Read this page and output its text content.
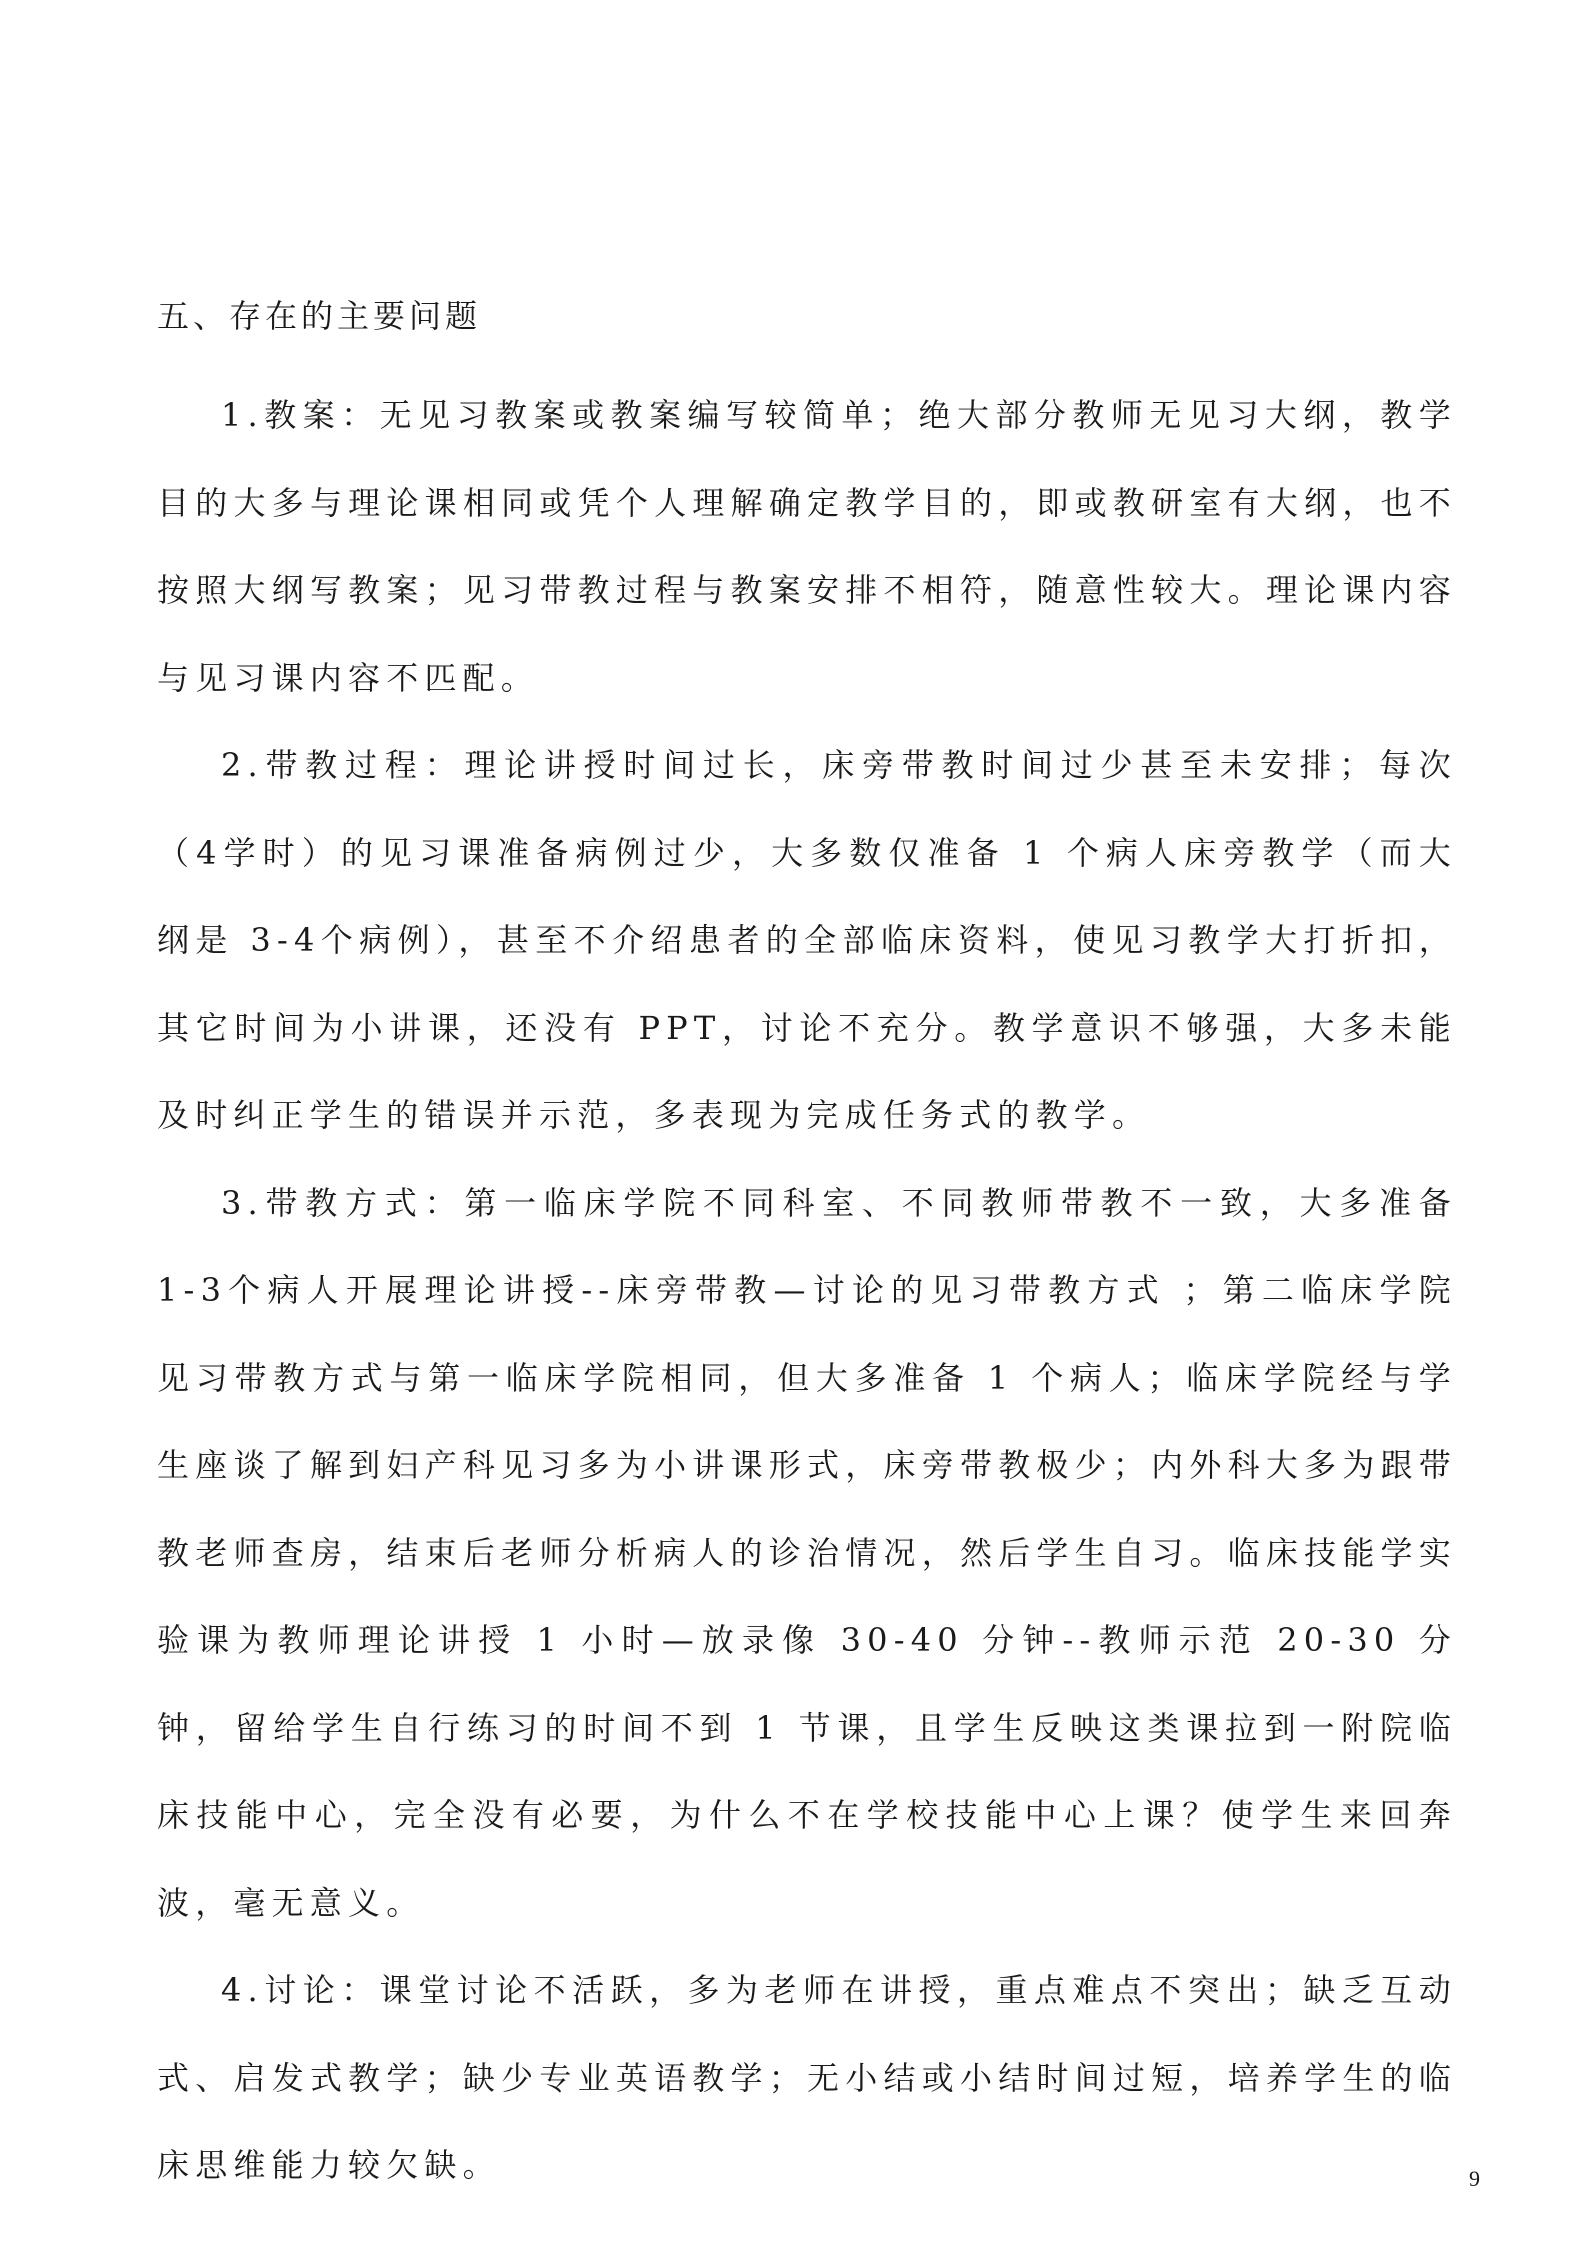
五、存在的主要问题

1.教案：无见习教案或教案编写较简单；绝大部分教师无见习大纲，教学目的大多与理论课相同或凭个人理解确定教学目的，即或教研室有大纲，也不按照大纲写教案；见习带教过程与教案安排不相符，随意性较大。理论课内容与见习课内容不匹配。

2.带教过程：理论讲授时间过长，床旁带教时间过少甚至未安排；每次（4学时）的见习课准备病例过少，大多数仅准备 1 个病人床旁教学（而大纲是 3-4个病例），甚至不介绍患者的全部临床资料，使见习教学大打折扣，其它时间为小讲课，还没有 PPT，讨论不充分。教学意识不够强，大多未能及时纠正学生的错误并示范，多表现为完成任务式的教学。

3.带教方式：第一临床学院不同科室、不同教师带教不一致，大多准备 1-3个病人开展理论讲授--床旁带教—讨论的见习带教方式 ；第二临床学院见习带教方式与第一临床学院相同，但大多准备 1 个病人；临床学院经与学生座谈了解到妇产科见习多为小讲课形式，床旁带教极少；内外科大多为跟带教老师查房，结束后老师分析病人的诊治情况，然后学生自习。临床技能学实验课为教师理论讲授 1 小时—放录像 30-40 分钟--教师示范 20-30 分钟，留给学生自行练习的时间不到 1 节课，且学生反映这类课拉到一附院临床技能中心，完全没有必要，为什么不在学校技能中心上课？使学生来回奔波，毫无意义。

4.讨论：课堂讨论不活跃，多为老师在讲授，重点难点不突出；缺乏互动式、启发式教学；缺少专业英语教学；无小结或小结时间过短，培养学生的临床思维能力较欠缺。	9
